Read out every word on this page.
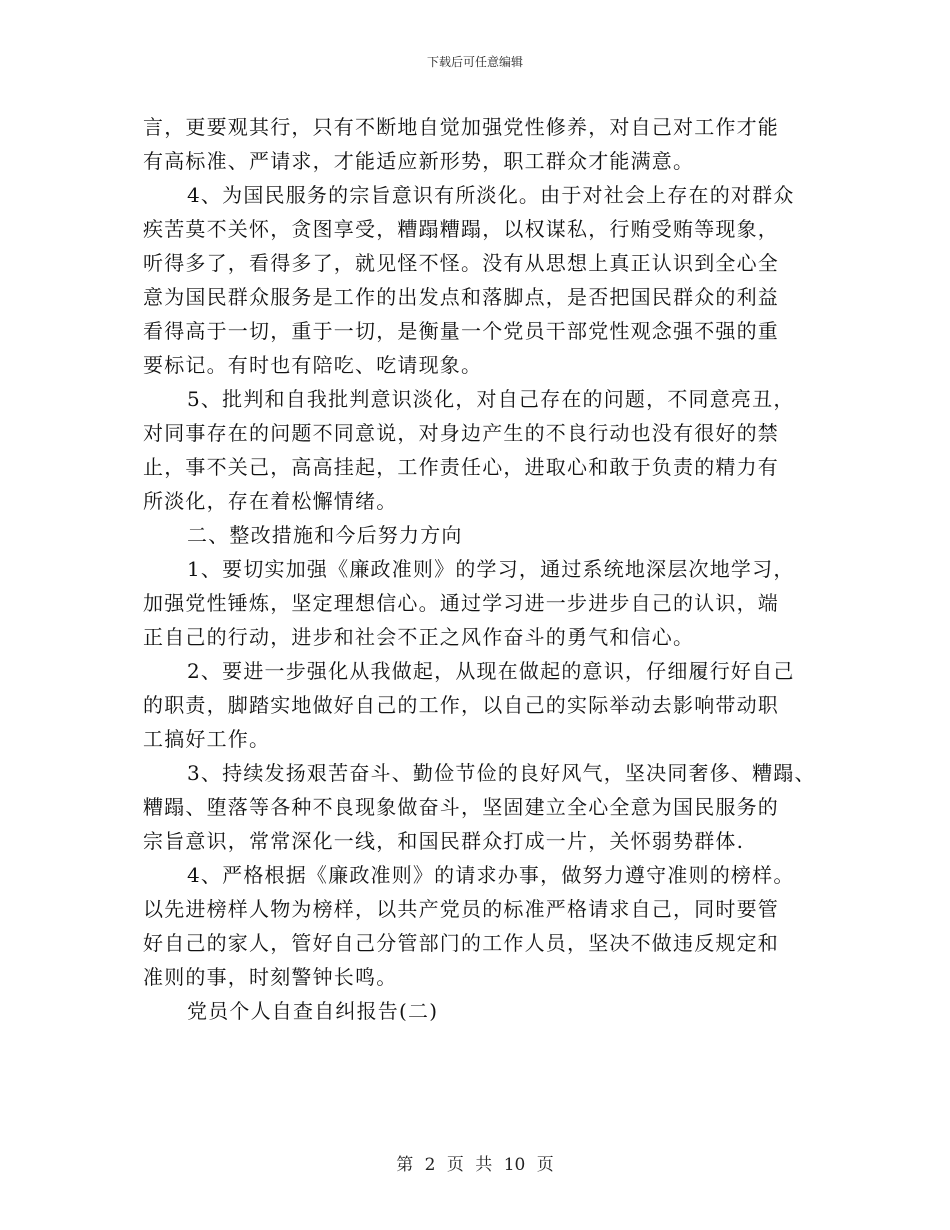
下载后可任意编辑
言，更要观其行，只有不断地自觉加强党性修养，对自己对工作才能
有高标准、严请求，才能适应新形势，职工群众才能满意。
4、为国民服务的宗旨意识有所淡化。由于对社会上存在的对群众
疾苦莫不关怀，贪图享受，糟蹋糟蹋，以权谋私，行贿受贿等现象，
听得多了，看得多了，就见怪不怪。没有从思想上真正认识到全心全
意为国民群众服务是工作的出发点和落脚点，是否把国民群众的利益
看得高于一切，重于一切，是衡量一个党员干部党性观念强不强的重
要标记。有时也有陪吃、吃请现象。
5、批判和自我批判意识淡化，对自己存在的问题，不同意亮丑，
对同事存在的问题不同意说，对身边产生的不良行动也没有很好的禁
止，事不关己，高高挂起，工作责任心，进取心和敢于负责的精力有
所淡化，存在着松懈情绪。
二、整改措施和今后努力方向
1、要切实加强《廉政准则》的学习，通过系统地深层次地学习，
加强党性锤炼，坚定理想信心。通过学习进一步进步自己的认识，端
正自己的行动，进步和社会不正之风作奋斗的勇气和信心。
2、要进一步强化从我做起，从现在做起的意识，仔细履行好自己
的职责，脚踏实地做好自己的工作，以自己的实际举动去影响带动职
工搞好工作。
3、持续发扬艰苦奋斗、勤俭节俭的良好风气，坚决同奢侈、糟蹋、
糟蹋、堕落等各种不良现象做奋斗，坚固建立全心全意为国民服务的
宗旨意识，常常深化一线，和国民群众打成一片，关怀弱势群体.
4、严格根据《廉政准则》的请求办事，做努力遵守准则的榜样。
以先进榜样人物为榜样，以共产党员的标准严格请求自己，同时要管
好自己的家人，管好自己分管部门的工作人员，坚决不做违反规定和
准则的事，时刻警钟长鸣。
党员个人自查自纠报告(二)
第 2 页 共 10 页
